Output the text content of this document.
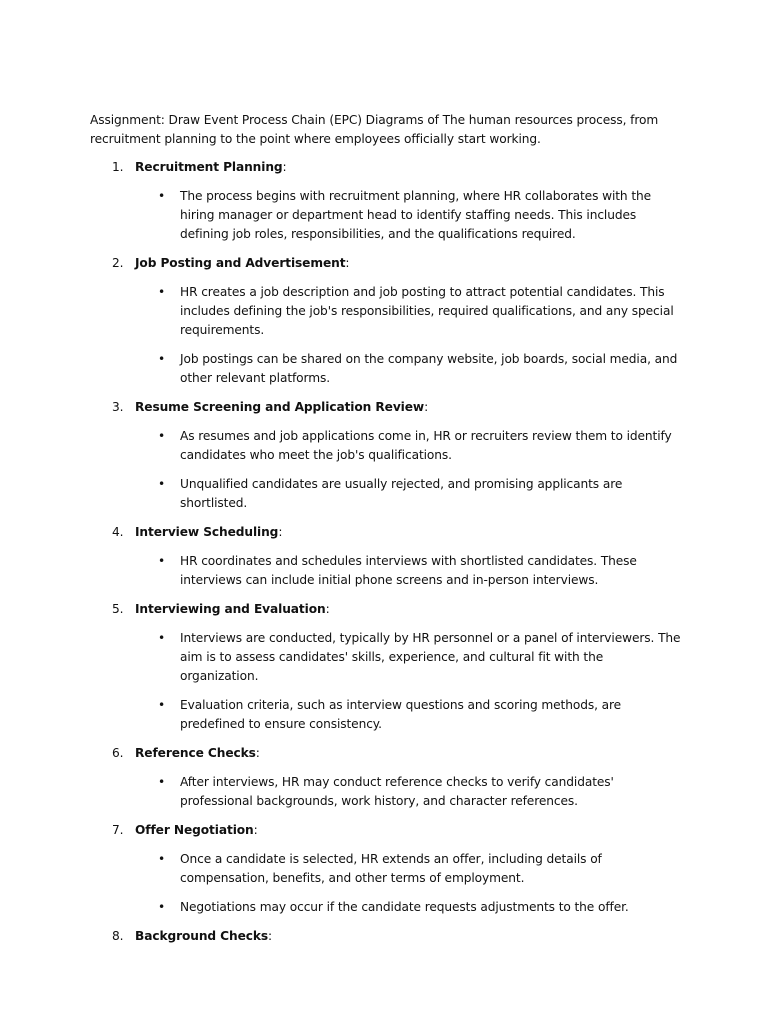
Assignment: Draw Event Process Chain (EPC) Diagrams of The human resources process, from recruitment planning to the point where employees officially start working.

1. Recruitment Planning:
• The process begins with recruitment planning, where HR collaborates with the hiring manager or department head to identify staffing needs. This includes defining job roles, responsibilities, and the qualifications required.
2. Job Posting and Advertisement:
• HR creates a job description and job posting to attract potential candidates. This includes defining the job's responsibilities, required qualifications, and any special requirements.
• Job postings can be shared on the company website, job boards, social media, and other relevant platforms.
3. Resume Screening and Application Review:
• As resumes and job applications come in, HR or recruiters review them to identify candidates who meet the job's qualifications.
• Unqualified candidates are usually rejected, and promising applicants are shortlisted.
4. Interview Scheduling:
• HR coordinates and schedules interviews with shortlisted candidates. These interviews can include initial phone screens and in-person interviews.
5. Interviewing and Evaluation:
• Interviews are conducted, typically by HR personnel or a panel of interviewers. The aim is to assess candidates' skills, experience, and cultural fit with the organization.
• Evaluation criteria, such as interview questions and scoring methods, are predefined to ensure consistency.
6. Reference Checks:
• After interviews, HR may conduct reference checks to verify candidates' professional backgrounds, work history, and character references.
7. Offer Negotiation:
• Once a candidate is selected, HR extends an offer, including details of compensation, benefits, and other terms of employment.
• Negotiations may occur if the candidate requests adjustments to the offer.
8. Background Checks:
